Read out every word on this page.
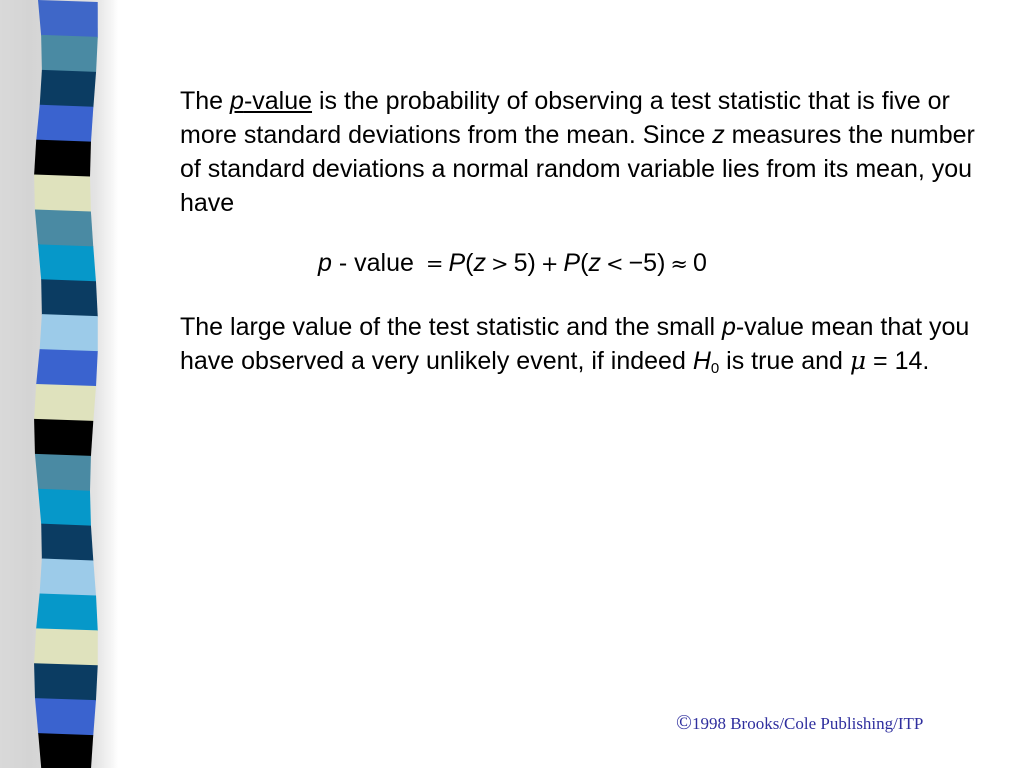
The p-value is the probability of observing a test statistic that is five or more standard deviations from the mean. Since z measures the number of standard deviations a normal random variable lies from its mean, you have
p - value = P(z > 5) + P(z < −5) ≈ 0
The large value of the test statistic and the small p-value mean that you have observed a very unlikely event, if indeed $H_0$ is true and μ = 14.
©1998 Brooks/Cole Publishing/ITP
